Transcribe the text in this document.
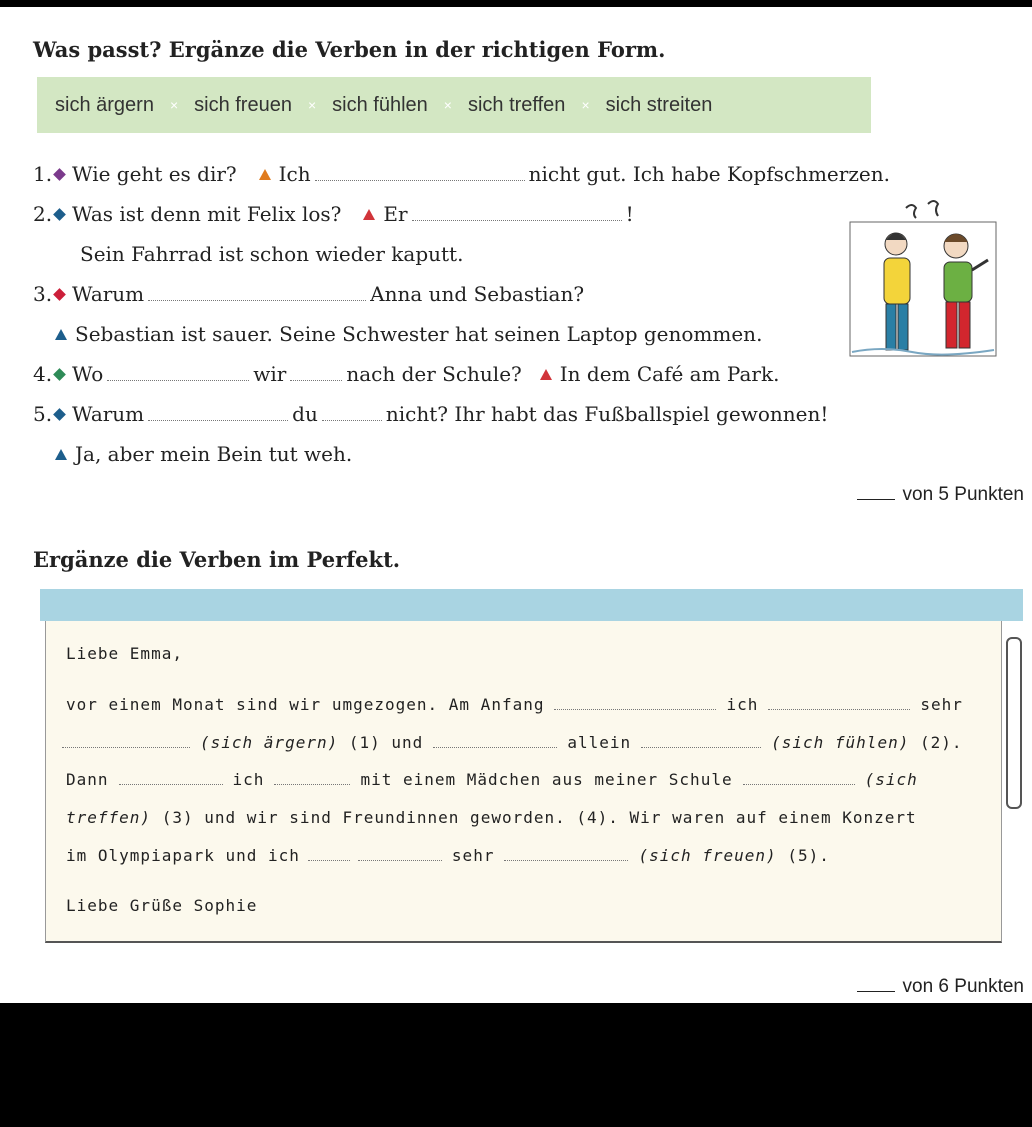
Was passt? Ergänze die Verben in der richtigen Form.
sich ärgern × sich freuen × sich fühlen × sich treffen × sich streiten
1. Wie geht es dir? Ich	nicht gut. Ich habe Kopfschmerzen.
2. Was ist denn mit Felix los? Er	!
Sein Fahrrad ist schon wieder kaputt.
3. Warum	Anna und Sebastian?
Sebastian ist sauer. Seine Schwester hat seinen Laptop genommen.
4. Wo	wir	nach der Schule? In dem Café am Park.
5. Warum	du	nicht? Ihr habt das Fußballspiel gewonnen!
Ja, aber mein Bein tut weh.
von 5 Punkten
Ergänze die Verben im Perfekt.
Liebe Emma,
vor einem Monat sind wir umgezogen. Am Anfang	ich	sehr
(sich ärgern) (1) und	allein	(sich fühlen) (2).
Dann	ich	mit einem Mädchen aus meiner Schule	(sich
treffen) (3) und wir sind Freundinnen geworden. (4). Wir waren auf einem Konzert
im Olympiapark und ich	sehr	(sich freuen) (5).
Liebe Grüße Sophie
von 6 Punkten
